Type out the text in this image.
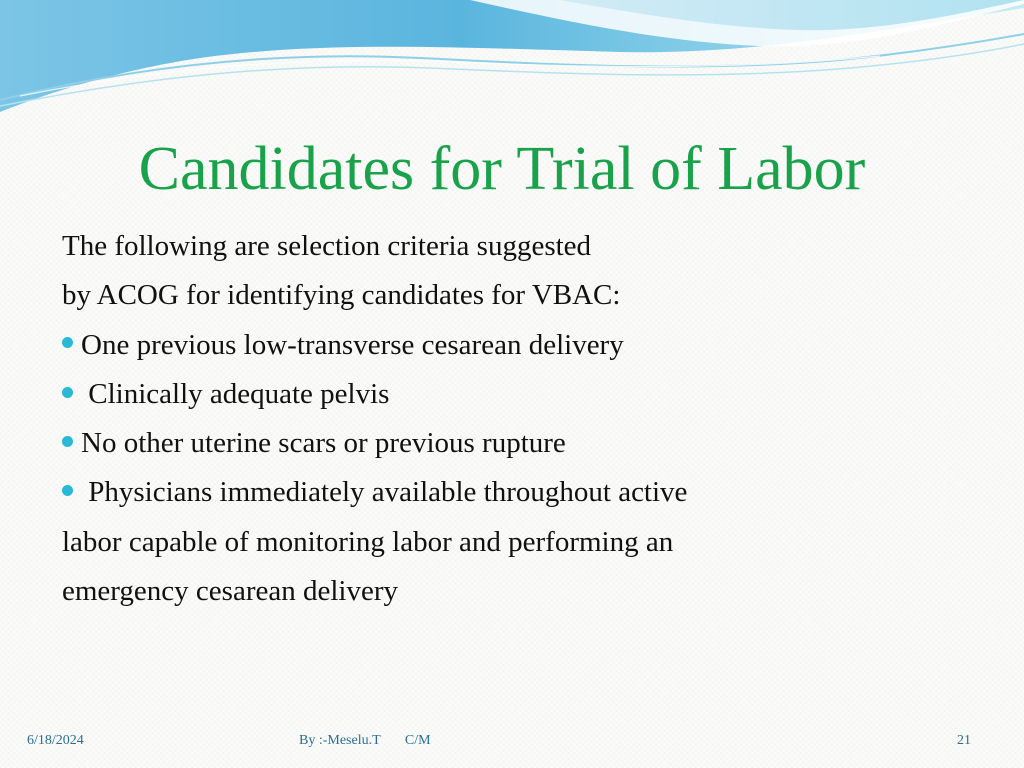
Candidates for Trial of Labor
The following are selection criteria suggested
by ACOG for identifying candidates for VBAC:
One previous low-transverse cesarean delivery
Clinically adequate pelvis
No other uterine scars or previous rupture
Physicians immediately available throughout active
labor capable of monitoring labor and performing an
emergency cesarean delivery
6/18/2024	By :-Meselu.T       C/M	21
